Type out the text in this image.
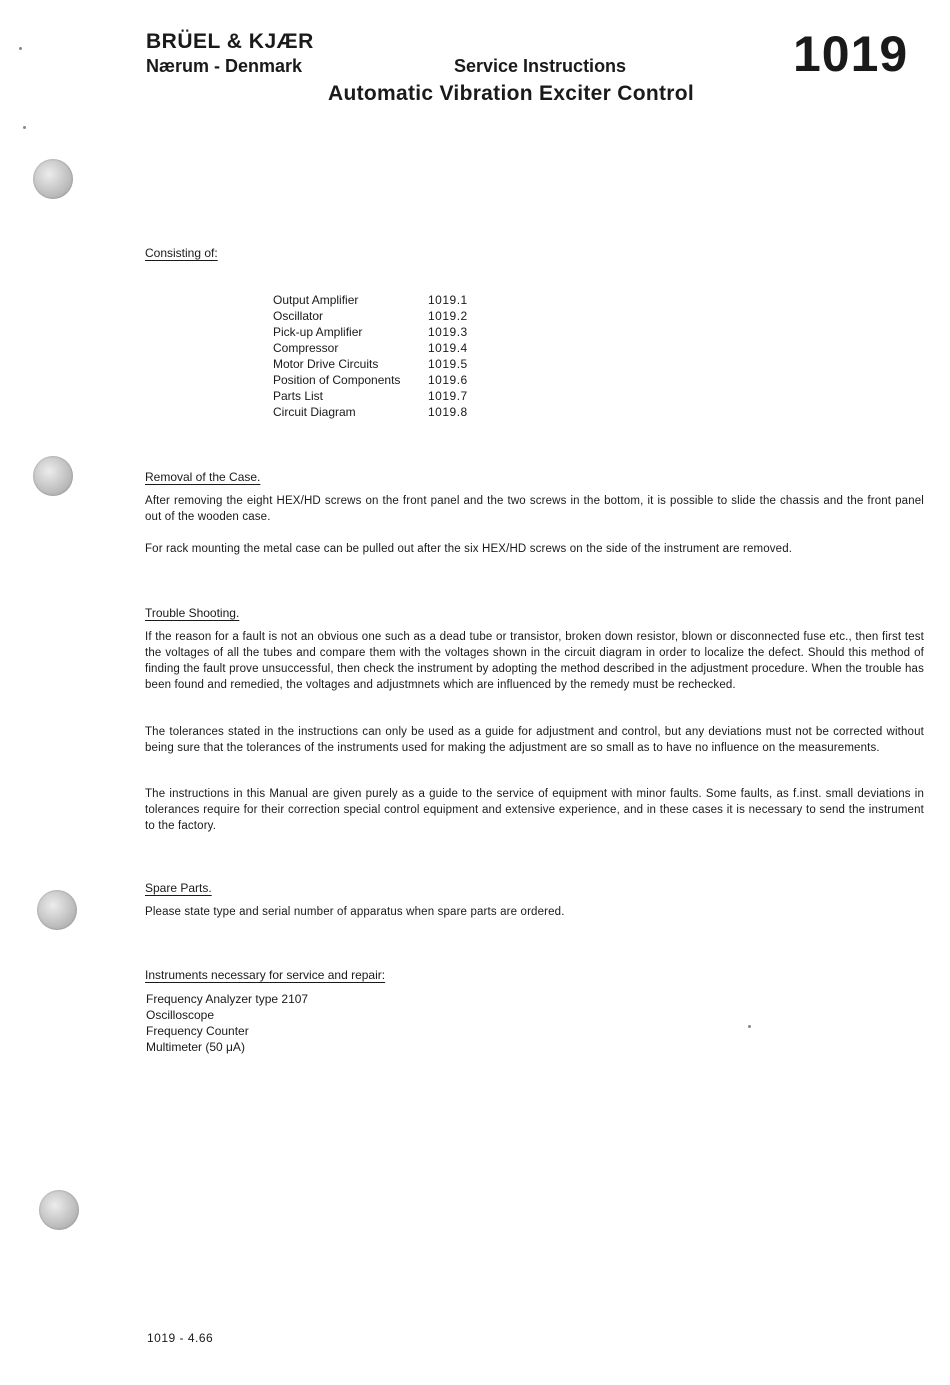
BRÜEL & KJÆR
Nærum - Denmark	Service Instructions
Automatic Vibration Exciter Control
1019
Consisting of:
Output Amplifier	1019.1
Oscillator	1019.2
Pick-up Amplifier	1019.3
Compressor	1019.4
Motor Drive Circuits	1019.5
Position of Components	1019.6
Parts List	1019.7
Circuit Diagram	1019.8
Removal of the Case.
After removing the eight HEX/HD screws on the front panel and the two screws in the bottom, it is possible to slide the chassis and the front panel out of the wooden case.
For rack mounting the metal case can be pulled out after the six HEX/HD screws on the side of the instrument are removed.
Trouble Shooting.
If the reason for a fault is not an obvious one such as a dead tube or transistor, broken down resistor, blown or disconnected fuse etc., then first test the voltages of all the tubes and compare them with the voltages shown in the circuit diagram in order to localize the defect. Should this method of finding the fault prove unsuccessful, then check the instrument by adopting the method described in the adjustment procedure. When the trouble has been found and remedied, the voltages and adjustmnets which are influenced by the remedy must be rechecked.
The tolerances stated in the instructions can only be used as a guide for adjustment and control, but any deviations must not be corrected without being sure that the tolerances of the instruments used for making the adjustment are so small as to have no influence on the measurements.
The instructions in this Manual are given purely as a guide to the service of equipment with minor faults. Some faults, as f.inst. small deviations in tolerances require for their correction special control equipment and extensive experience, and in these cases it is necessary to send the instrument to the factory.
Spare Parts.
Please state type and serial number of apparatus when spare parts are ordered.
Instruments necessary for service and repair:
Frequency Analyzer type 2107
Oscilloscope
Frequency Counter
Multimeter (50 μA)
1019 - 4.66
